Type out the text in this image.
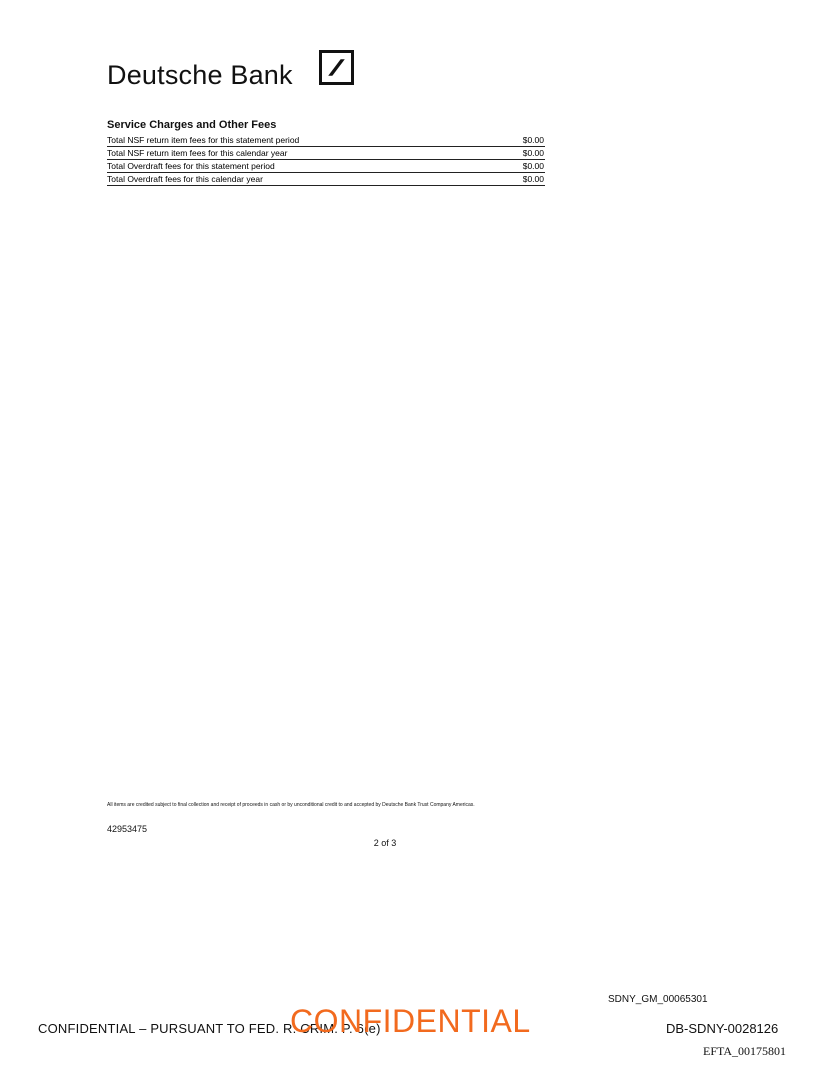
Deutsche Bank
Service Charges and Other Fees
Total NSF return item fees for this statement period	$0.00
Total NSF return item fees for this calendar year	$0.00
Total Overdraft fees for this statement period	$0.00
Total Overdraft fees for this calendar year	$0.00
All items are credited subject to final collection and receipt of proceeds in cash or by unconditional credit to and accepted by Deutsche Bank Trust Company Americas.
42953475
2 of 3
SDNY_GM_00065301
CONFIDENTIAL – PURSUANT TO FED. R. CRIM. P. 6(e)
CONFIDENTIAL	DB-SDNY-0028126
EFTA_00175801
